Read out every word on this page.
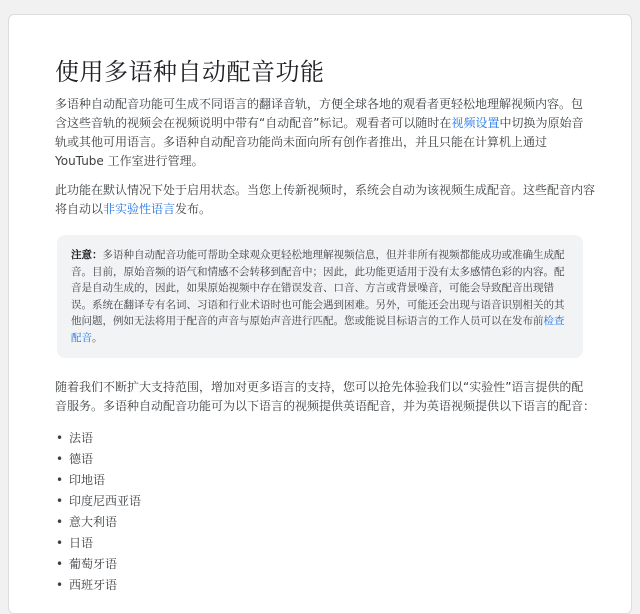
使用多语种自动配音功能

多语种自动配音功能可生成不同语言的翻译音轨，方便全球各地的观看者更轻松地理解视频内容。包含这些音轨的视频会在视频说明中带有“自动配音”标记。观看者可以随时在视频设置中切换为原始音轨或其他可用语言。多语种自动配音功能尚未面向所有创作者推出，并且只能在计算机上通过 YouTube 工作室进行管理。

此功能在默认情况下处于启用状态。当您上传新视频时，系统会自动为该视频生成配音。这些配音内容将自动以非实验性语言发布。

注意：多语种自动配音功能可帮助全球观众更轻松地理解视频信息，但并非所有视频都能成功或准确生成配音。目前，原始音频的语气和情感不会转移到配音中；因此，此功能更适用于没有太多感情色彩的内容。配音是自动生成的，因此，如果原始视频中存在错误发音、口音、方言或背景噪音，可能会导致配音出现错误。系统在翻译专有名词、习语和行业术语时也可能会遇到困难。另外，可能还会出现与语音识别相关的其他问题，例如无法将用于配音的声音与原始声音进行匹配。您或能说目标语言的工作人员可以在发布前检查配音。

随着我们不断扩大支持范围，增加对更多语言的支持，您可以抢先体验我们以“实验性”语言提供的配音服务。多语种自动配音功能可为以下语言的视频提供英语配音，并为英语视频提供以下语言的配音：

• 法语
• 德语
• 印地语
• 印度尼西亚语
• 意大利语
• 日语
• 葡萄牙语
• 西班牙语
